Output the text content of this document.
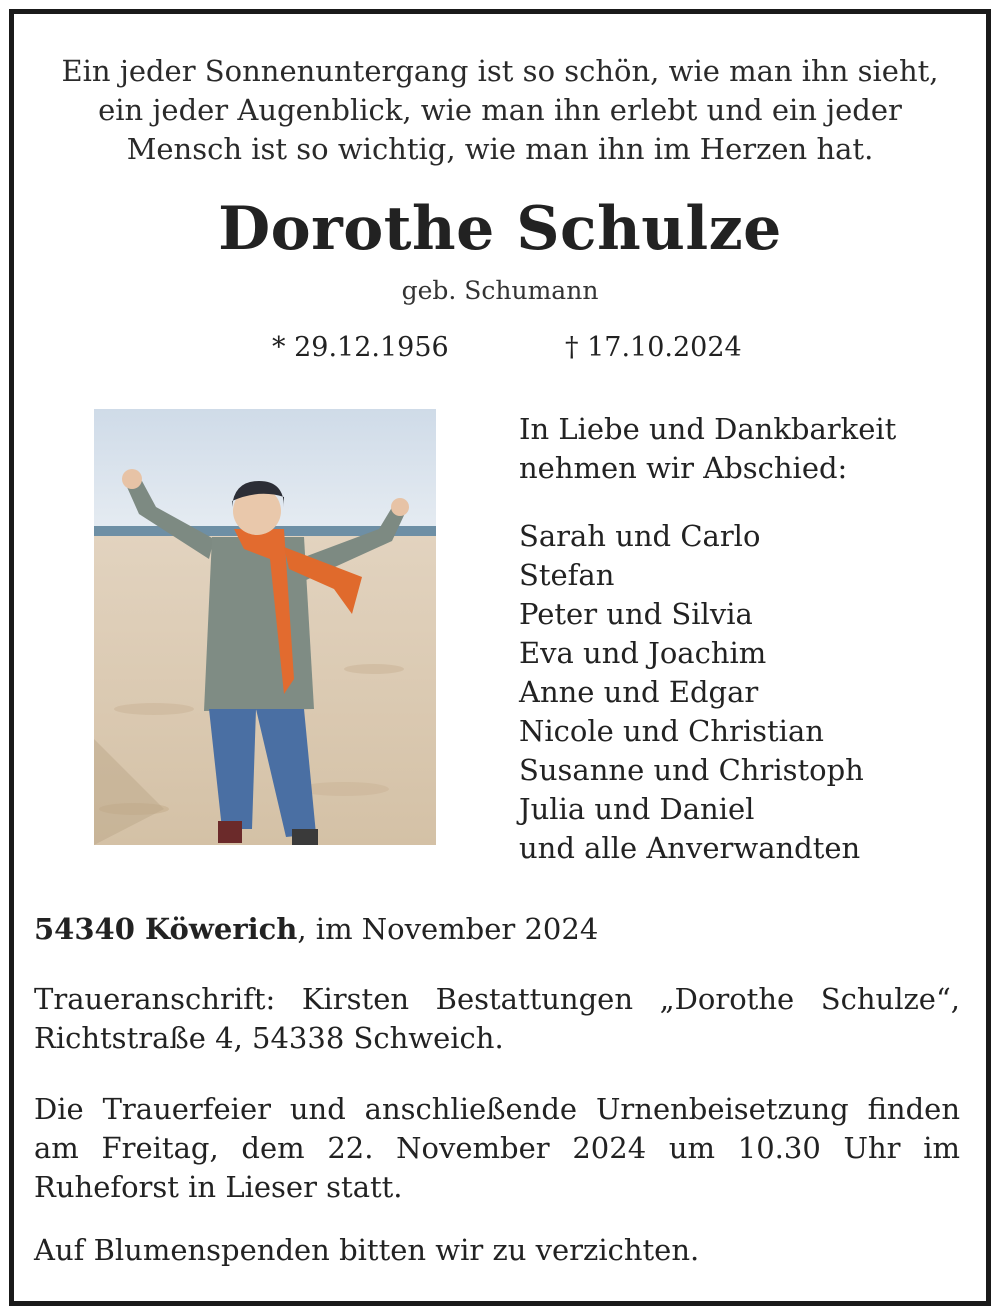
Ein jeder Sonnenuntergang ist so schön, wie man ihn sieht,
ein jeder Augenblick, wie man ihn erlebt und ein jeder
Mensch ist so wichtig, wie man ihn im Herzen hat.
Dorothe Schulze
geb. Schumann
* 29.12.1956	† 17.10.2024
In Liebe und Dankbarkeit
nehmen wir Abschied:
Sarah und Carlo
Stefan
Peter und Silvia
Eva und Joachim
Anne und Edgar
Nicole und Christian
Susanne und Christoph
Julia und Daniel
und alle Anverwandten
54340 Köwerich, im November 2024
Traueranschrift: Kirsten Bestattungen „Dorothe Schulze“, Richtstraße 4, 54338 Schweich.
Die Trauerfeier und anschließende Urnenbeisetzung finden am Freitag, dem 22. November 2024 um 10.30 Uhr im Ruheforst in Lieser statt.
Auf Blumenspenden bitten wir zu verzichten.
